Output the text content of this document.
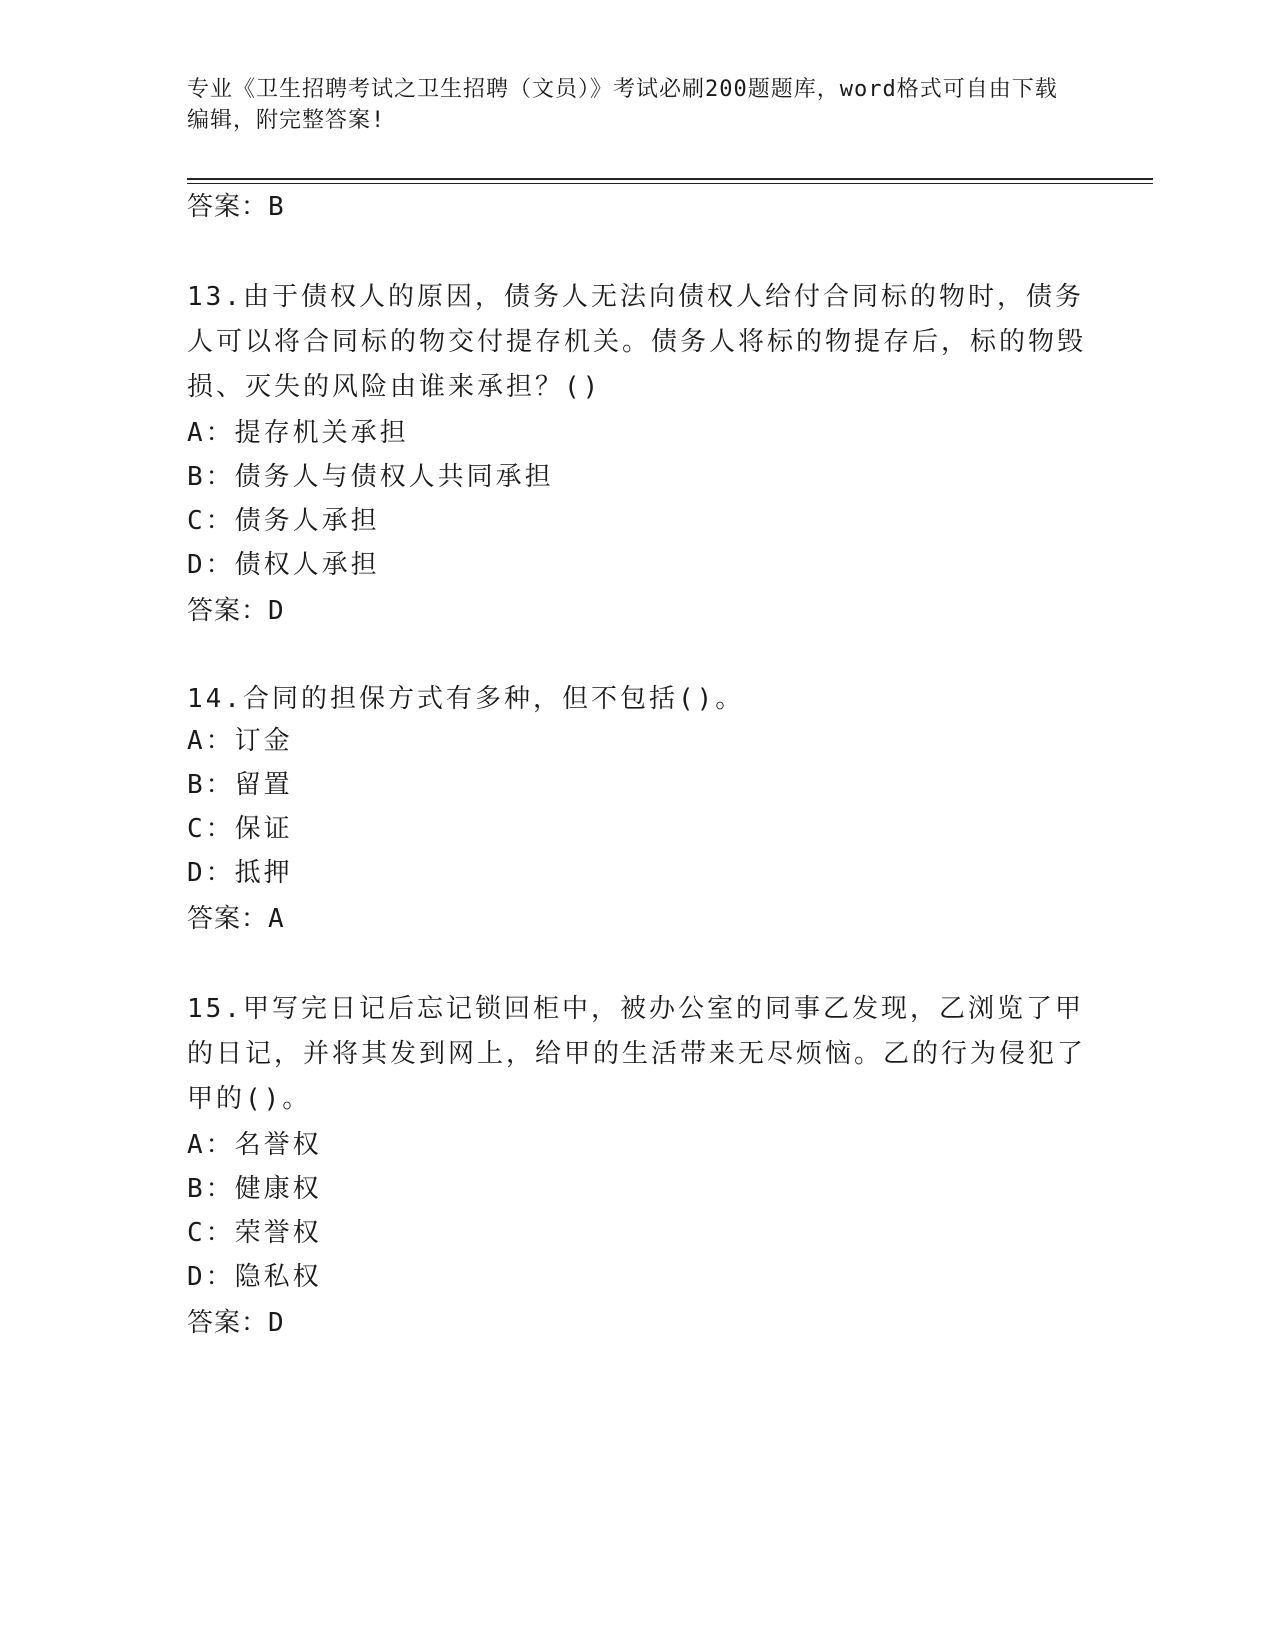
专业《卫生招聘考试之卫生招聘（文员）》考试必刷200题题库，word格式可自由下载编辑，附完整答案!
答案：B
13.由于债权人的原因，债务人无法向债权人给付合同标的物时，债务人可以将合同标的物交付提存机关。债务人将标的物提存后，标的物毁损、灭失的风险由谁来承担？()
A：提存机关承担
B：债务人与债权人共同承担
C：债务人承担
D：债权人承担
答案：D
14.合同的担保方式有多种，但不包括()。
A：订金
B：留置
C：保证
D：抵押
答案：A
15.甲写完日记后忘记锁回柜中，被办公室的同事乙发现，乙浏览了甲的日记，并将其发到网上，给甲的生活带来无尽烦恼。乙的行为侵犯了甲的()。
A：名誉权
B：健康权
C：荣誉权
D：隐私权
答案：D
